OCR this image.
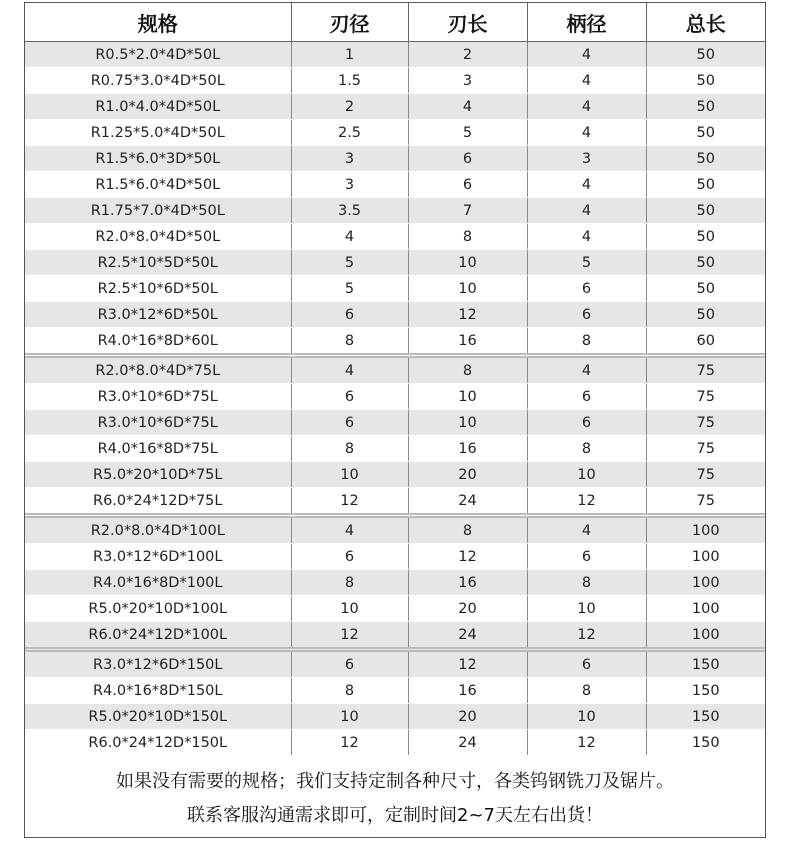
规格	刃径	刃长	柄径	总长
R0.5*2.0*4D*50L	1	2	4	50
R0.75*3.0*4D*50L	1.5	3	4	50
R1.0*4.0*4D*50L	2	4	4	50
R1.25*5.0*4D*50L	2.5	5	4	50
R1.5*6.0*3D*50L	3	6	3	50
R1.5*6.0*4D*50L	3	6	4	50
R1.75*7.0*4D*50L	3.5	7	4	50
R2.0*8.0*4D*50L	4	8	4	50
R2.5*10*5D*50L	5	10	5	50
R2.5*10*6D*50L	5	10	6	50
R3.0*12*6D*50L	6	12	6	50
R4.0*16*8D*60L	8	16	8	60
R2.0*8.0*4D*75L	4	8	4	75
R3.0*10*6D*75L	6	10	6	75
R3.0*10*6D*75L	6	10	6	75
R4.0*16*8D*75L	8	16	8	75
R5.0*20*10D*75L	10	20	10	75
R6.0*24*12D*75L	12	24	12	75
R2.0*8.0*4D*100L	4	8	4	100
R3.0*12*6D*100L	6	12	6	100
R4.0*16*8D*100L	8	16	8	100
R5.0*20*10D*100L	10	20	10	100
R6.0*24*12D*100L	12	24	12	100
R3.0*12*6D*150L	6	12	6	150
R4.0*16*8D*150L	8	16	8	150
R5.0*20*10D*150L	10	20	10	150
R6.0*24*12D*150L	12	24	12	150
如果没有需要的规格；我们支持定制各种尺寸，各类钨钢铣刀及锯片。
联系客服沟通需求即可，定制时间2~7天左右出货！
